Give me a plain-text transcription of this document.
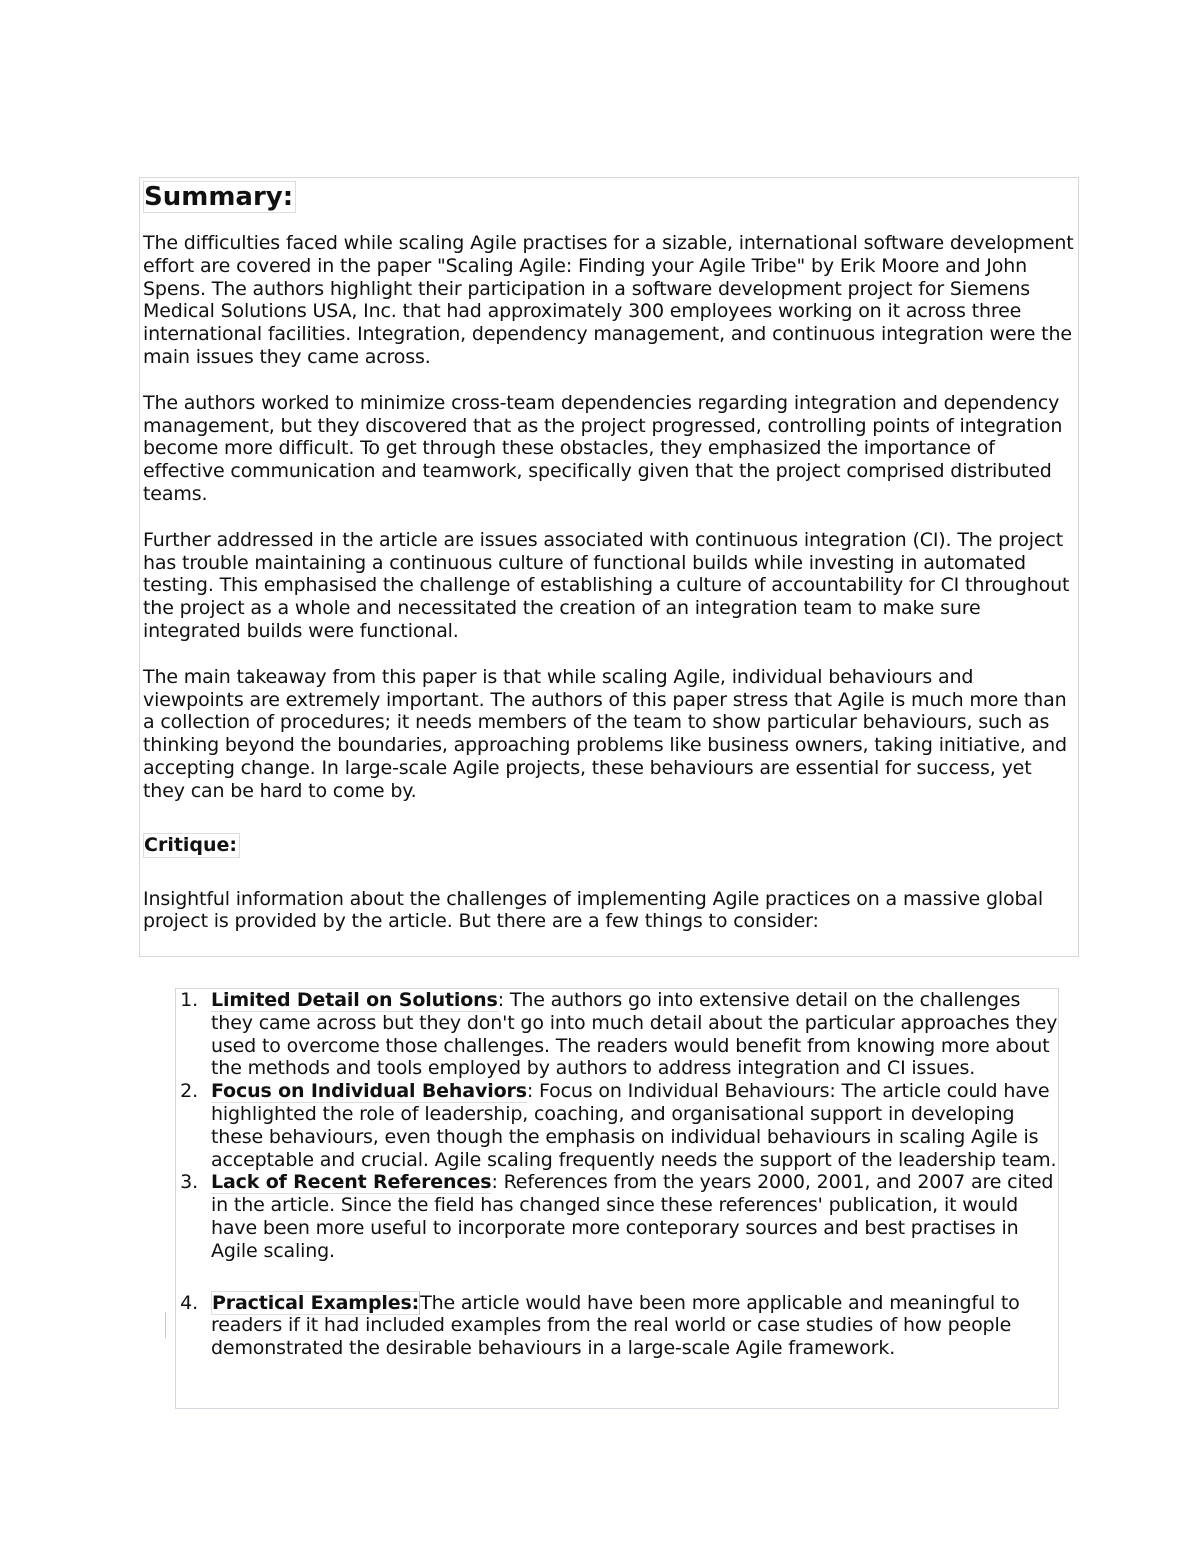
Summary:

The difficulties faced while scaling Agile practises for a sizable, international software development effort are covered in the paper "Scaling Agile: Finding your Agile Tribe" by Erik Moore and John Spens. The authors highlight their participation in a software development project for Siemens Medical Solutions USA, Inc. that had approximately 300 employees working on it across three international facilities. Integration, dependency management, and continuous integration were the main issues they came across.

The authors worked to minimize cross-team dependencies regarding integration and dependency management, but they discovered that as the project progressed, controlling points of integration become more difficult. To get through these obstacles, they emphasized the importance of effective communication and teamwork, specifically given that the project comprised distributed teams.

Further addressed in the article are issues associated with continuous integration (CI). The project has trouble maintaining a continuous culture of functional builds while investing in automated testing. This emphasised the challenge of establishing a culture of accountability for CI throughout the project as a whole and necessitated the creation of an integration team to make sure integrated builds were functional.

The main takeaway from this paper is that while scaling Agile, individual behaviours and viewpoints are extremely important. The authors of this paper stress that Agile is much more than a collection of procedures; it needs members of the team to show particular behaviours, such as thinking beyond the boundaries, approaching problems like business owners, taking initiative, and accepting change. In large-scale Agile projects, these behaviours are essential for success, yet they can be hard to come by.

Critique:

Insightful information about the challenges of implementing Agile practices on a massive global project is provided by the article. But there are a few things to consider:

1. Limited Detail on Solutions: The authors go into extensive detail on the challenges they came across but they don't go into much detail about the particular approaches they used to overcome those challenges. The readers would benefit from knowing more about the methods and tools employed by authors to address integration and CI issues.
2. Focus on Individual Behaviors: Focus on Individual Behaviours: The article could have highlighted the role of leadership, coaching, and organisational support in developing these behaviours, even though the emphasis on individual behaviours in scaling Agile is acceptable and crucial. Agile scaling frequently needs the support of the leadership team.
3. Lack of Recent References: References from the years 2000, 2001, and 2007 are cited in the article. Since the field has changed since these references' publication, it would have been more useful to incorporate more conteporary sources and best practises in Agile scaling.
4. Practical Examples:The article would have been more applicable and meaningful to readers if it had included examples from the real world or case studies of how people demonstrated the desirable behaviours in a large-scale Agile framework.
